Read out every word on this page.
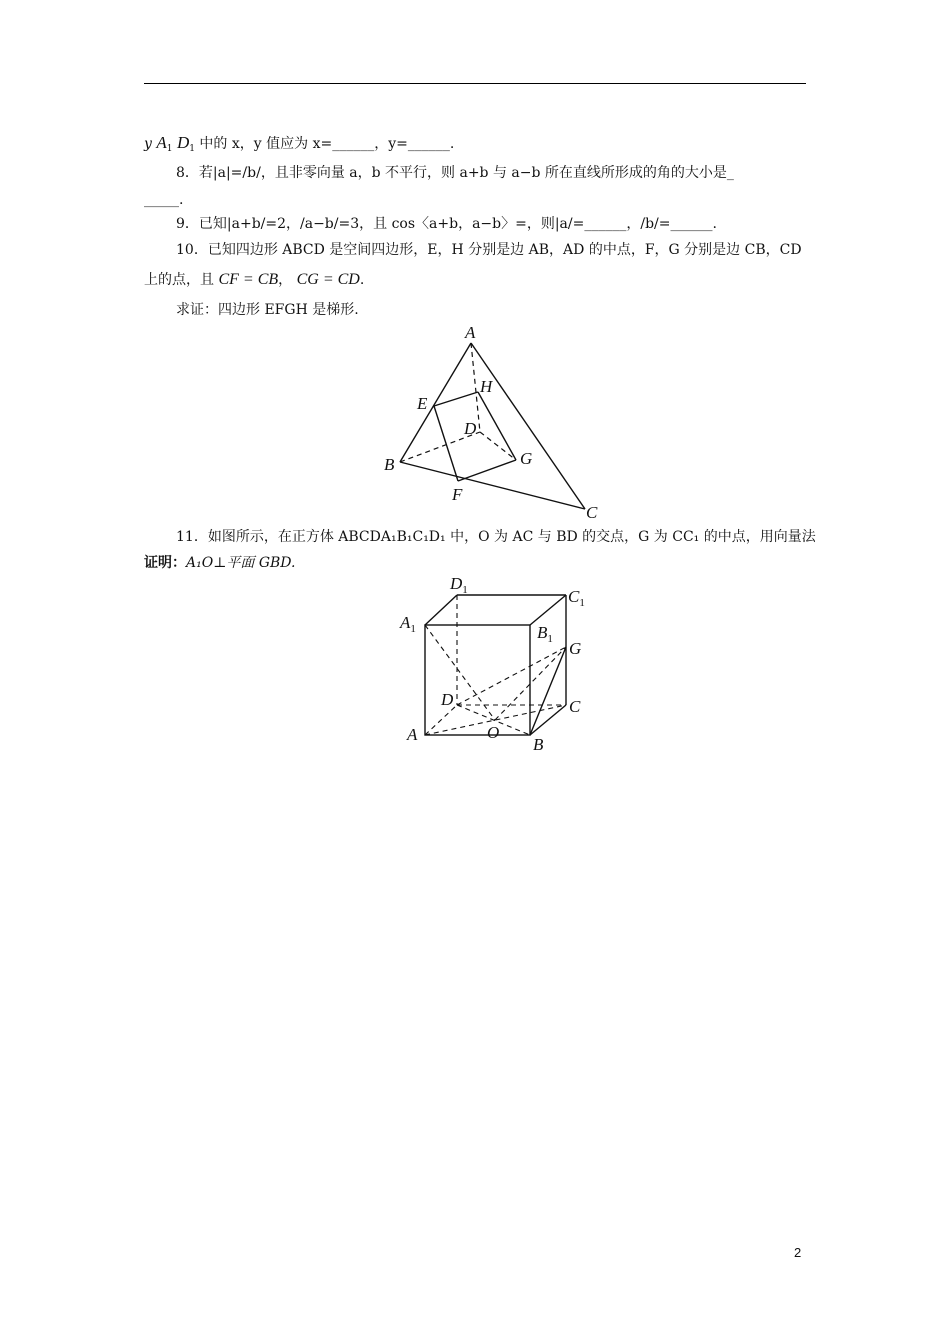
y $A_1$ $D_1$ 中的 x，y 值应为 x=______，y=______.
8．若|a|=/b/，且非零向量 a，b 不平行，则 a+b 与 a−b 所在直线所形成的角的大小是_
_____.
9．已知|a+b/=2，/a−b/=3，且 cos〈a+b，a−b〉=，则|a/=______，/b/=______.
10．已知四边形 ABCD 是空间四边形，E，H 分别是边 AB，AD 的中点，F，G 分别是边 CB，CD
上的点，且 CF = CB， CG = CD.
求证：四边形 EFGH 是梯形.
A
B
C
D
E
F
G
H
11．如图所示，在正方体 ABCDA₁B₁C₁D₁ 中，O 为 AC 与 BD 的交点，G 为 CC₁ 的中点，用向量法
证明：A₁O⊥平面 GBD.
A
B
C
D
O
G
$A_1$	$B_1$
$C_1$
$D_1$
2
